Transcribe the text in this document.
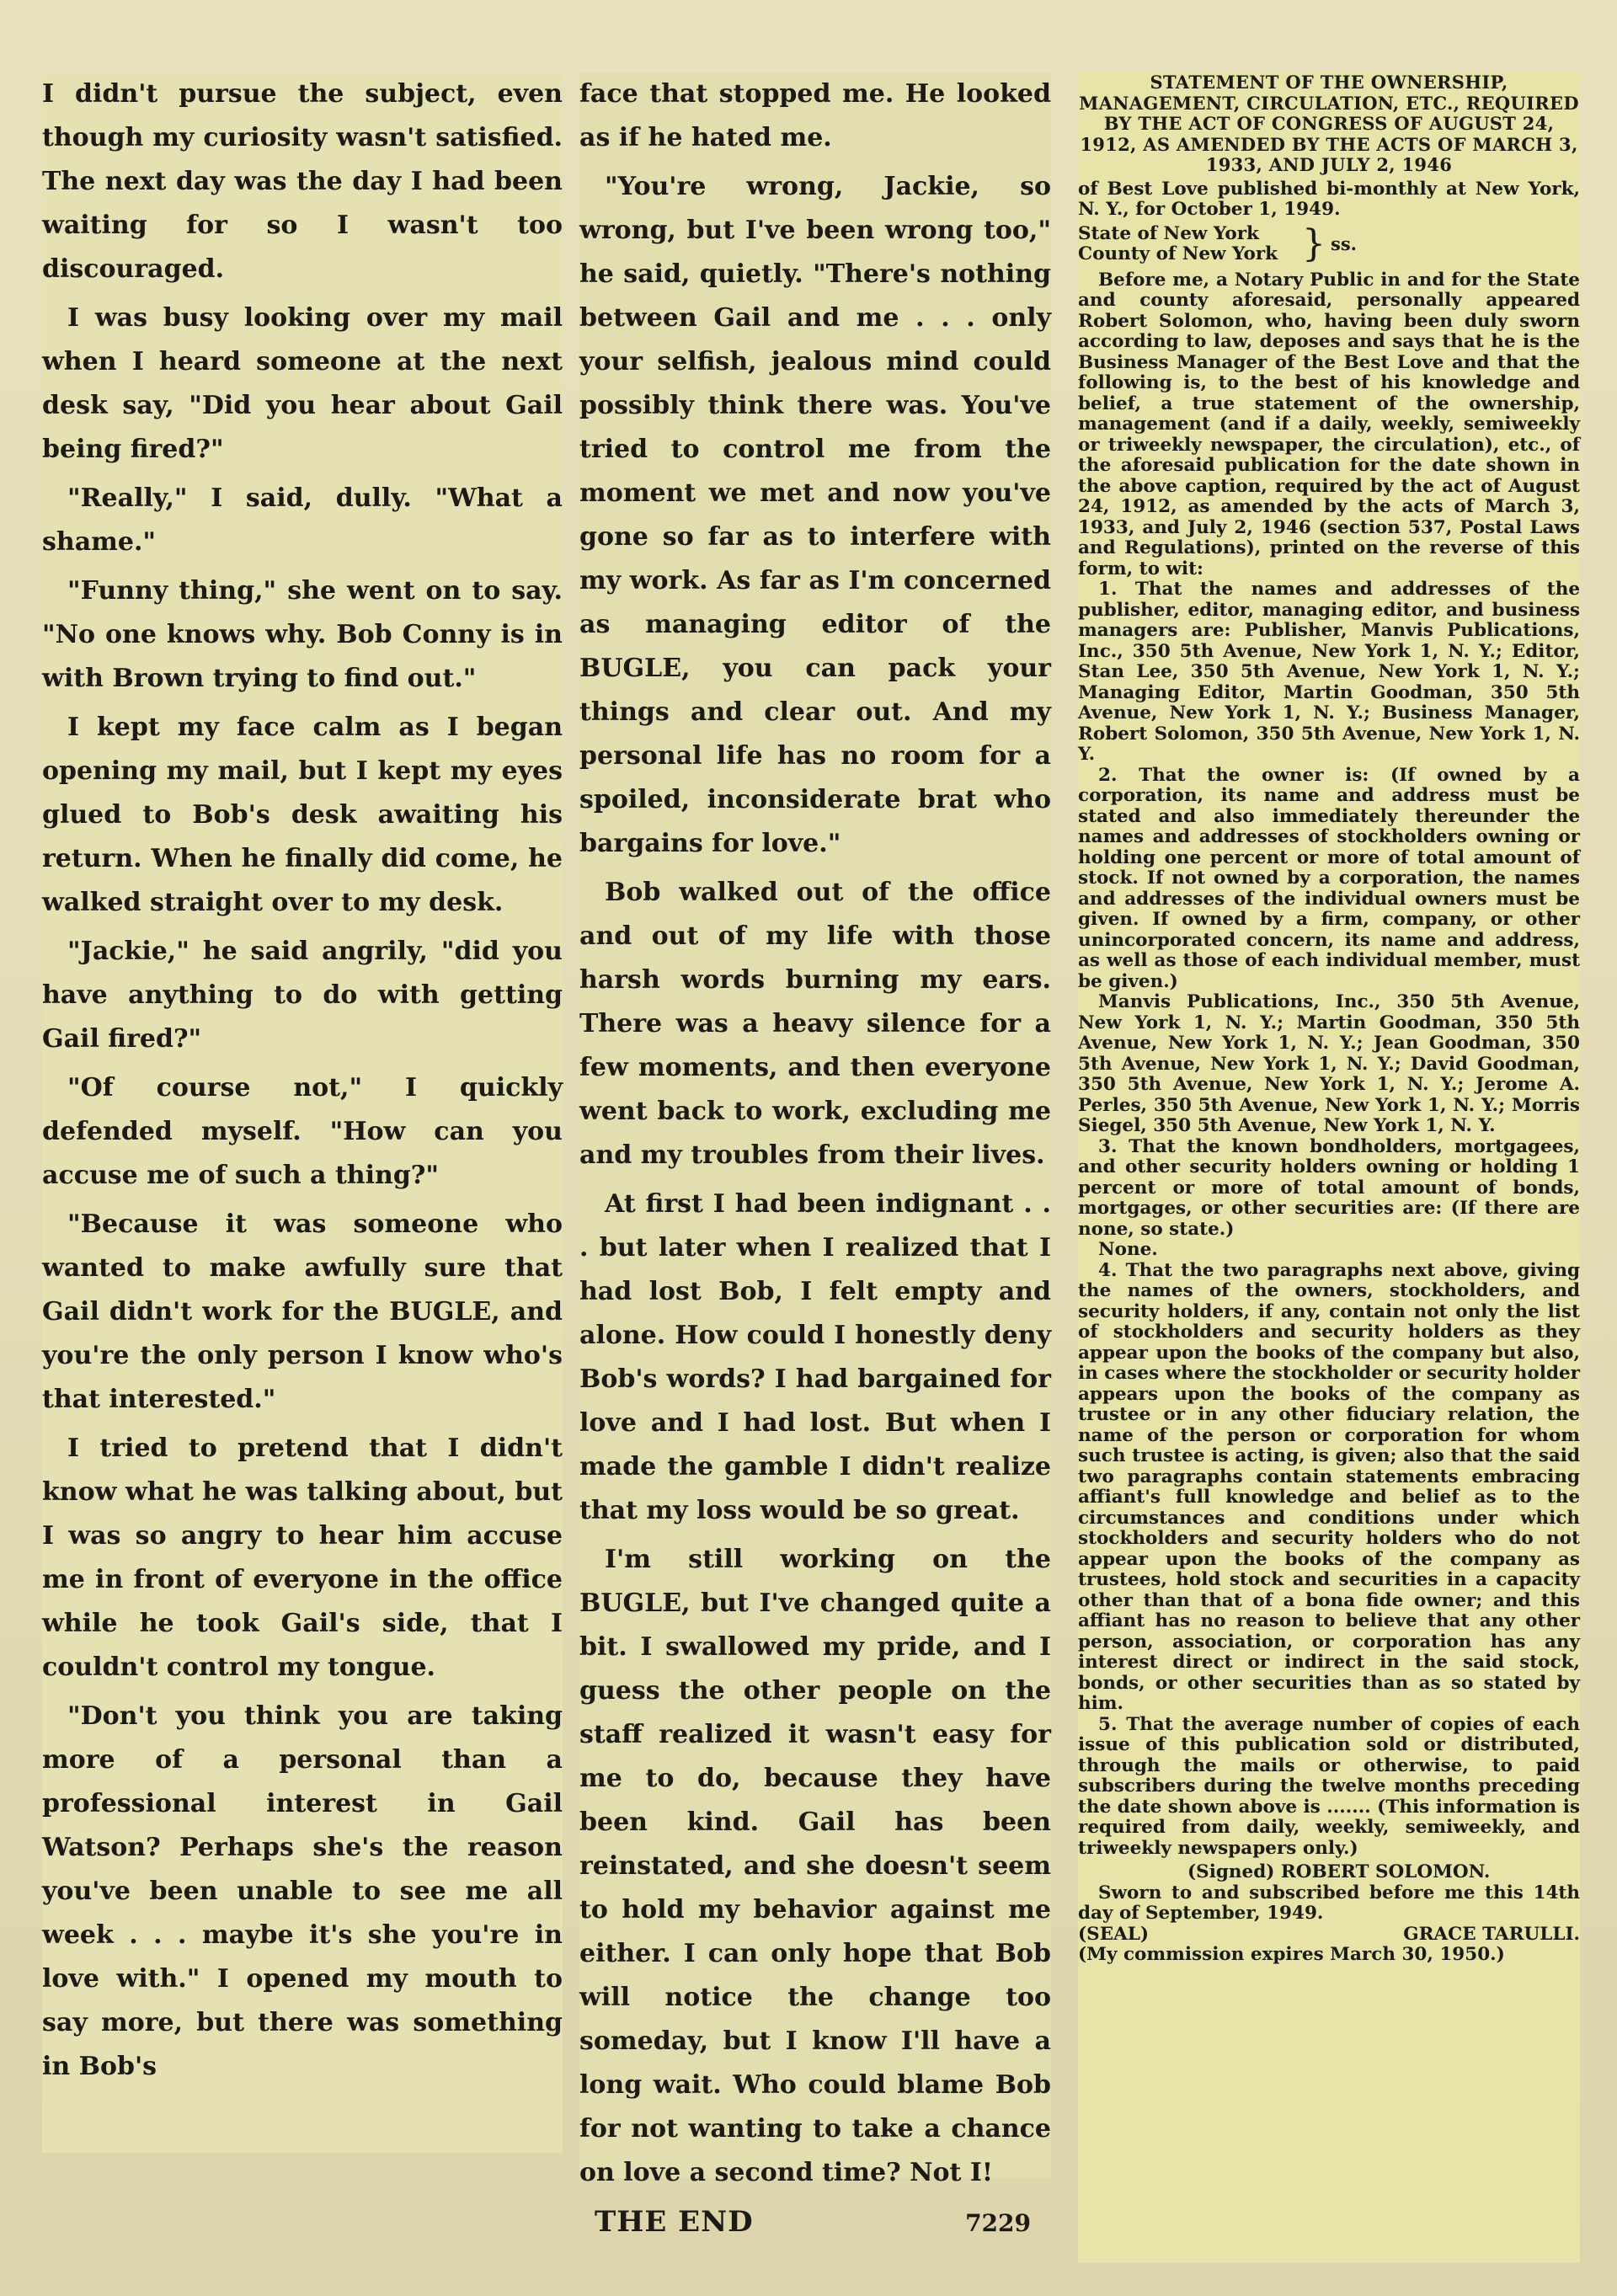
I didn't pursue the subject, even though my curiosity wasn't satisfied. The next day was the day I had been waiting for so I wasn't too discouraged.

I was busy looking over my mail when I heard someone at the next desk say, "Did you hear about Gail being fired?"

"Really," I said, dully. "What a shame."

"Funny thing," she went on to say. "No one knows why. Bob Conny is in with Brown trying to find out."

I kept my face calm as I began opening my mail, but I kept my eyes glued to Bob's desk awaiting his return. When he finally did come, he walked straight over to my desk.

"Jackie," he said angrily, "did you have anything to do with getting Gail fired?"

"Of course not," I quickly defended myself. "How can you accuse me of such a thing?"

"Because it was someone who wanted to make awfully sure that Gail didn't work for the BUGLE, and you're the only person I know who's that interested."

I tried to pretend that I didn't know what he was talking about, but I was so angry to hear him accuse me in front of everyone in the office while he took Gail's side, that I couldn't control my tongue.

"Don't you think you are taking more of a personal than a professional interest in Gail Watson? Perhaps she's the reason you've been unable to see me all week . . . maybe it's she you're in love with." I opened my mouth to say more, but there was something in Bob's

face that stopped me. He looked as if he hated me.

"You're wrong, Jackie, so wrong, but I've been wrong too," he said, quietly. "There's nothing between Gail and me . . . only your selfish, jealous mind could possibly think there was. You've tried to control me from the moment we met and now you've gone so far as to interfere with my work. As far as I'm concerned as managing editor of the BUGLE, you can pack your things and clear out. And my personal life has no room for a spoiled, inconsiderate brat who bargains for love."

Bob walked out of the office and out of my life with those harsh words burning my ears. There was a heavy silence for a few moments, and then everyone went back to work, excluding me and my troubles from their lives.

At first I had been indignant . . . but later when I realized that I had lost Bob, I felt empty and alone. How could I honestly deny Bob's words? I had bargained for love and I had lost. But when I made the gamble I didn't realize that my loss would be so great.

I'm still working on the BUGLE, but I've changed quite a bit. I swallowed my pride, and I guess the other people on the staff realized it wasn't easy for me to do, because they have been kind. Gail has been reinstated, and she doesn't seem to hold my behavior against me either. I can only hope that Bob will notice the change too someday, but I know I'll have a long wait. Who could blame Bob for not wanting to take a chance on love a second time? Not I!

THE END	7229

STATEMENT OF THE OWNERSHIP, MANAGEMENT, CIRCULATION, ETC., REQUIRED BY THE ACT OF CONGRESS OF AUGUST 24, 1912, AS AMENDED BY THE ACTS OF MARCH 3, 1933, AND JULY 2, 1946

of Best Love published bi-monthly at New York, N. Y., for October 1, 1949.

State of New York
County of New York } ss.

Before me, a Notary Public in and for the State and county aforesaid, personally appeared Robert Solomon, who, having been duly sworn according to law, deposes and says that he is the Business Manager of the Best Love and that the following is, to the best of his knowledge and belief, a true statement of the ownership, management (and if a daily, weekly, semiweekly or triweekly newspaper, the circulation), etc., of the aforesaid publication for the date shown in the above caption, required by the act of August 24, 1912, as amended by the acts of March 3, 1933, and July 2, 1946 (section 537, Postal Laws and Regulations), printed on the reverse of this form, to wit:

1. That the names and addresses of the publisher, editor, managing editor, and business managers are: Publisher, Manvis Publications, Inc., 350 5th Avenue, New York 1, N. Y.; Editor, Stan Lee, 350 5th Avenue, New York 1, N. Y.; Managing Editor, Martin Goodman, 350 5th Avenue, New York 1, N. Y.; Business Manager, Robert Solomon, 350 5th Avenue, New York 1, N. Y.

2. That the owner is: (If owned by a corporation, its name and address must be stated and also immediately thereunder the names and addresses of stockholders owning or holding one percent or more of total amount of stock. If not owned by a corporation, the names and addresses of the individual owners must be given. If owned by a firm, company, or other unincorporated concern, its name and address, as well as those of each individual member, must be given.)

Manvis Publications, Inc., 350 5th Avenue, New York 1, N. Y.; Martin Goodman, 350 5th Avenue, New York 1, N. Y.; Jean Goodman, 350 5th Avenue, New York 1, N. Y.; David Goodman, 350 5th Avenue, New York 1, N. Y.; Jerome A. Perles, 350 5th Avenue, New York 1, N. Y.; Morris Siegel, 350 5th Avenue, New York 1, N. Y.

3. That the known bondholders, mortgagees, and other security holders owning or holding 1 percent or more of total amount of bonds, mortgages, or other securities are: (If there are none, so state.)

None.

4. That the two paragraphs next above, giving the names of the owners, stockholders, and security holders, if any, contain not only the list of stockholders and security holders as they appear upon the books of the company but also, in cases where the stockholder or security holder appears upon the books of the company as trustee or in any other fiduciary relation, the name of the person or corporation for whom such trustee is acting, is given; also that the said two paragraphs contain statements embracing affiant's full knowledge and belief as to the circumstances and conditions under which stockholders and security holders who do not appear upon the books of the company as trustees, hold stock and securities in a capacity other than that of a bona fide owner; and this affiant has no reason to believe that any other person, association, or corporation has any interest direct or indirect in the said stock, bonds, or other securities than as so stated by him.

5. That the average number of copies of each issue of this publication sold or distributed, through the mails or otherwise, to paid subscribers during the twelve months preceding the date shown above is ....... (This information is required from daily, weekly, semiweekly, and triweekly newspapers only.)

(Signed) ROBERT SOLOMON.

Sworn to and subscribed before me this 14th day of September, 1949.

(SEAL)	GRACE TARULLI.

(My commission expires March 30, 1950.)
